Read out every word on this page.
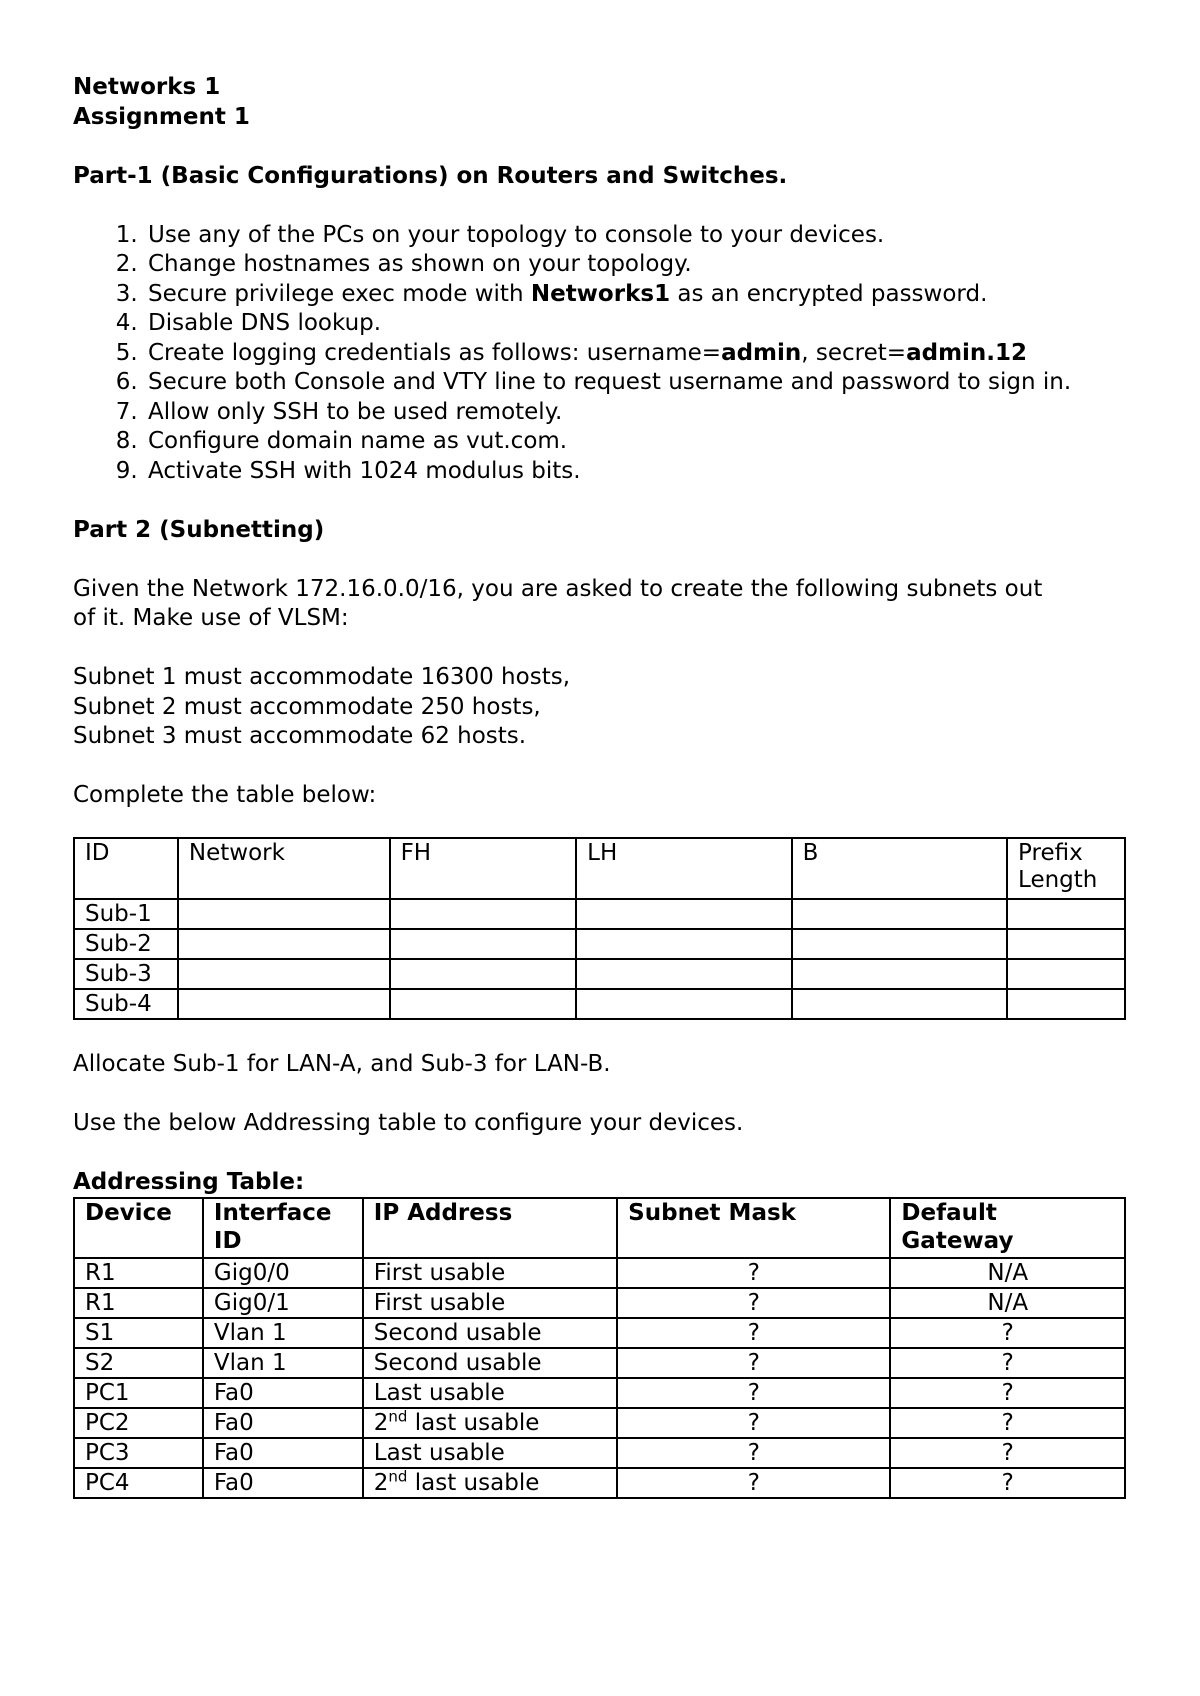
Networks 1

Assignment 1

Part-1 (Basic Configurations) on Routers and Switches.

1. Use any of the PCs on your topology to console to your devices.
2. Change hostnames as shown on your topology.
3. Secure privilege exec mode with Networks1 as an encrypted password.
4. Disable DNS lookup.
5. Create logging credentials as follows: username=admin, secret=admin.12
6. Secure both Console and VTY line to request username and password to sign in.
7. Allow only SSH to be used remotely.
8. Configure domain name as vut.com.
9. Activate SSH with 1024 modulus bits.

Part 2 (Subnetting)

Given the Network 172.16.0.0/16, you are asked to create the following subnets out
of it. Make use of VLSM:

Subnet 1 must accommodate 16300 hosts,

Subnet 2 must accommodate 250 hosts,

Subnet 3 must accommodate 62 hosts.

Complete the table below:

ID	Network	FH	LH	B	Prefix Length
Sub-1					
Sub-2					
Sub-3					
Sub-4					

Allocate Sub-1 for LAN-A, and Sub-3 for LAN-B.

Use the below Addressing table to configure your devices.

Addressing Table:

Device	Interface ID	IP Address	Subnet Mask	Default Gateway
R1	Gig0/0	First usable	?	N/A
R1	Gig0/1	First usable	?	N/A
S1	Vlan 1	Second usable	?	?
S2	Vlan 1	Second usable	?	?
PC1	Fa0	Last usable	?	?
PC2	Fa0	2nd last usable	?	?
PC3	Fa0	Last usable	?	?
PC4	Fa0	2nd last usable	?	?
